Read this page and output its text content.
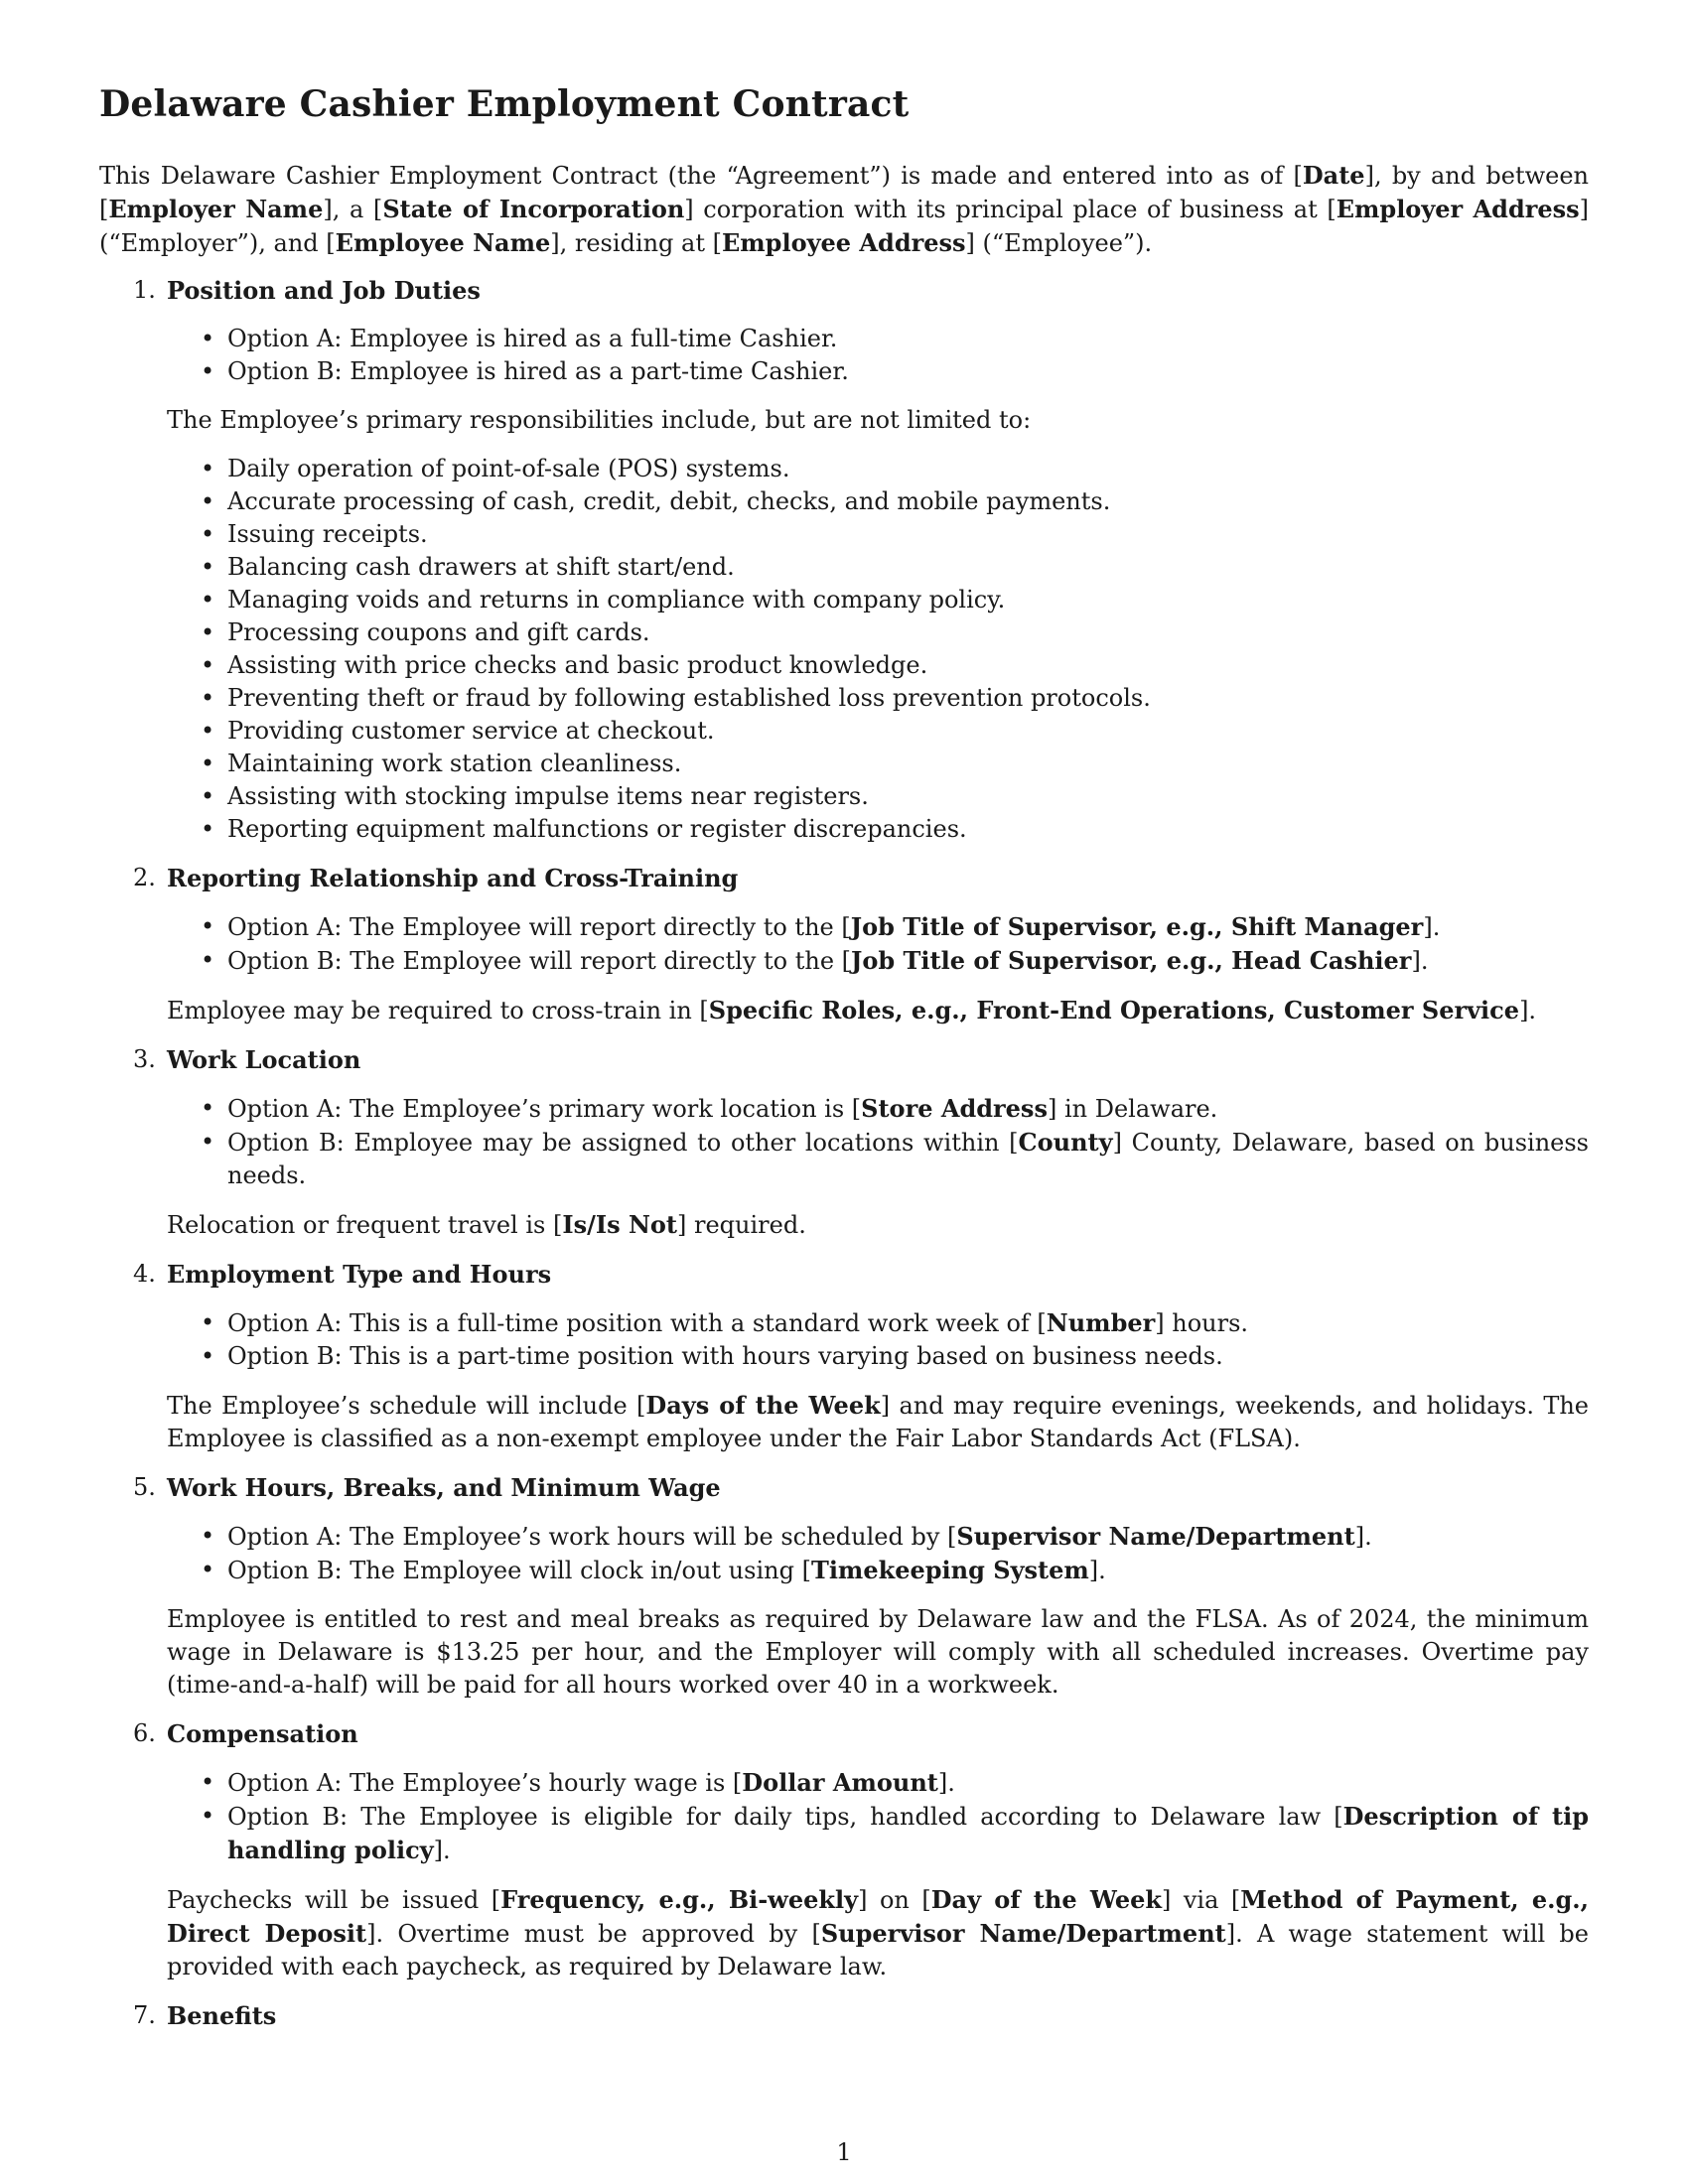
Delaware Cashier Employment Contract

This Delaware Cashier Employment Contract (the “Agreement”) is made and entered into as of [Date], by and between [Employer Name], a [State of Incorporation] corporation with its principal place of business at [Employer Address] (“Employer”), and [Employee Name], residing at [Employee Address] (“Employee”).

1. Position and Job Duties
• Option A: Employee is hired as a full-time Cashier.
• Option B: Employee is hired as a part-time Cashier.

The Employee’s primary responsibilities include, but are not limited to:

• Daily operation of point-of-sale (POS) systems.
• Accurate processing of cash, credit, debit, checks, and mobile payments.
• Issuing receipts.
• Balancing cash drawers at shift start/end.
• Managing voids and returns in compliance with company policy.
• Processing coupons and gift cards.
• Assisting with price checks and basic product knowledge.
• Preventing theft or fraud by following established loss prevention protocols.
• Providing customer service at checkout.
• Maintaining work station cleanliness.
• Assisting with stocking impulse items near registers.
• Reporting equipment malfunctions or register discrepancies.
2. Reporting Relationship and Cross-Training
• Option A: The Employee will report directly to the [Job Title of Supervisor, e.g., Shift Manager].
• Option B: The Employee will report directly to the [Job Title of Supervisor, e.g., Head Cashier].

Employee may be required to cross-train in [Specific Roles, e.g., Front-End Operations, Customer Service].

3. Work Location
• Option A: The Employee’s primary work location is [Store Address] in Delaware.
• Option B: Employee may be assigned to other locations within [County] County, Delaware, based on business needs.

Relocation or frequent travel is [Is/Is Not] required.

4. Employment Type and Hours
• Option A: This is a full-time position with a standard work week of [Number] hours.
• Option B: This is a part-time position with hours varying based on business needs.

The Employee’s schedule will include [Days of the Week] and may require evenings, weekends, and holidays. The Employee is classified as a non-exempt employee under the Fair Labor Standards Act (FLSA).

5. Work Hours, Breaks, and Minimum Wage
• Option A: The Employee’s work hours will be scheduled by [Supervisor Name/Department].
• Option B: The Employee will clock in/out using [Timekeeping System].

Employee is entitled to rest and meal breaks as required by Delaware law and the FLSA. As of 2024, the minimum wage in Delaware is $13.25 per hour, and the Employer will comply with all scheduled increases. Overtime pay (time-and-a-half) will be paid for all hours worked over 40 in a workweek.

6. Compensation
• Option A: The Employee’s hourly wage is [Dollar Amount].
• Option B: The Employee is eligible for daily tips, handled according to Delaware law [Description of tip handling policy].

Paychecks will be issued [Frequency, e.g., Bi-weekly] on [Day of the Week] via [Method of Payment, e.g., Direct Deposit]. Overtime must be approved by [Supervisor Name/Department]. A wage statement will be provided with each paycheck, as required by Delaware law.

7. Benefits
1
